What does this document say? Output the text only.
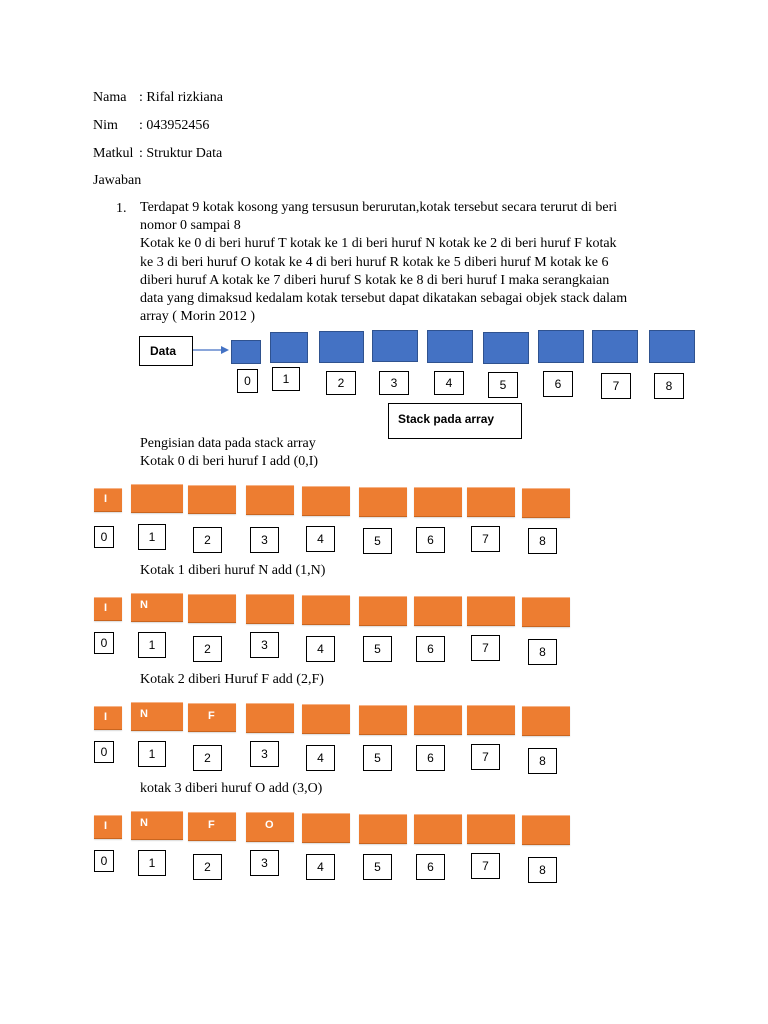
Nama : Rifal rizkiana
Nim : 043952456
Matkul : Struktur Data
Jawaban
1. Terdapat 9 kotak kosong yang tersusun berurutan,kotak tersebut secara terurut di beri
nomor 0 sampai 8
Kotak ke 0 di beri huruf T kotak ke 1 di beri huruf N kotak ke 2 di beri huruf F kotak
ke 3 di beri huruf O kotak ke 4 di beri huruf R kotak ke 5 diberi huruf M kotak ke 6
diberi huruf A kotak ke 7 diberi huruf S kotak ke 8 di beri huruf I maka serangkaian
data yang dimaksud kedalam kotak tersebut dapat dikatakan sebagai objek stack dalam
array ( Morin 2012 )
Data
0	1	2	3	4	5	6	7	8
Stack pada array
Pengisian data pada stack array
Kotak 0 di beri huruf I add (0,I)
I
0	1	2	3	4	5	6	7	8
Kotak 1 diberi huruf N add (1,N)
I	N
0	1	2	3	4	5	6	7	8
Kotak 2 diberi Huruf F add (2,F)
I	N	F
0	1	2	3	4	5	6	7	8
kotak 3 diberi huruf O add (3,O)
I	N	F	O
0	1	2	3	4	5	6	7	8
